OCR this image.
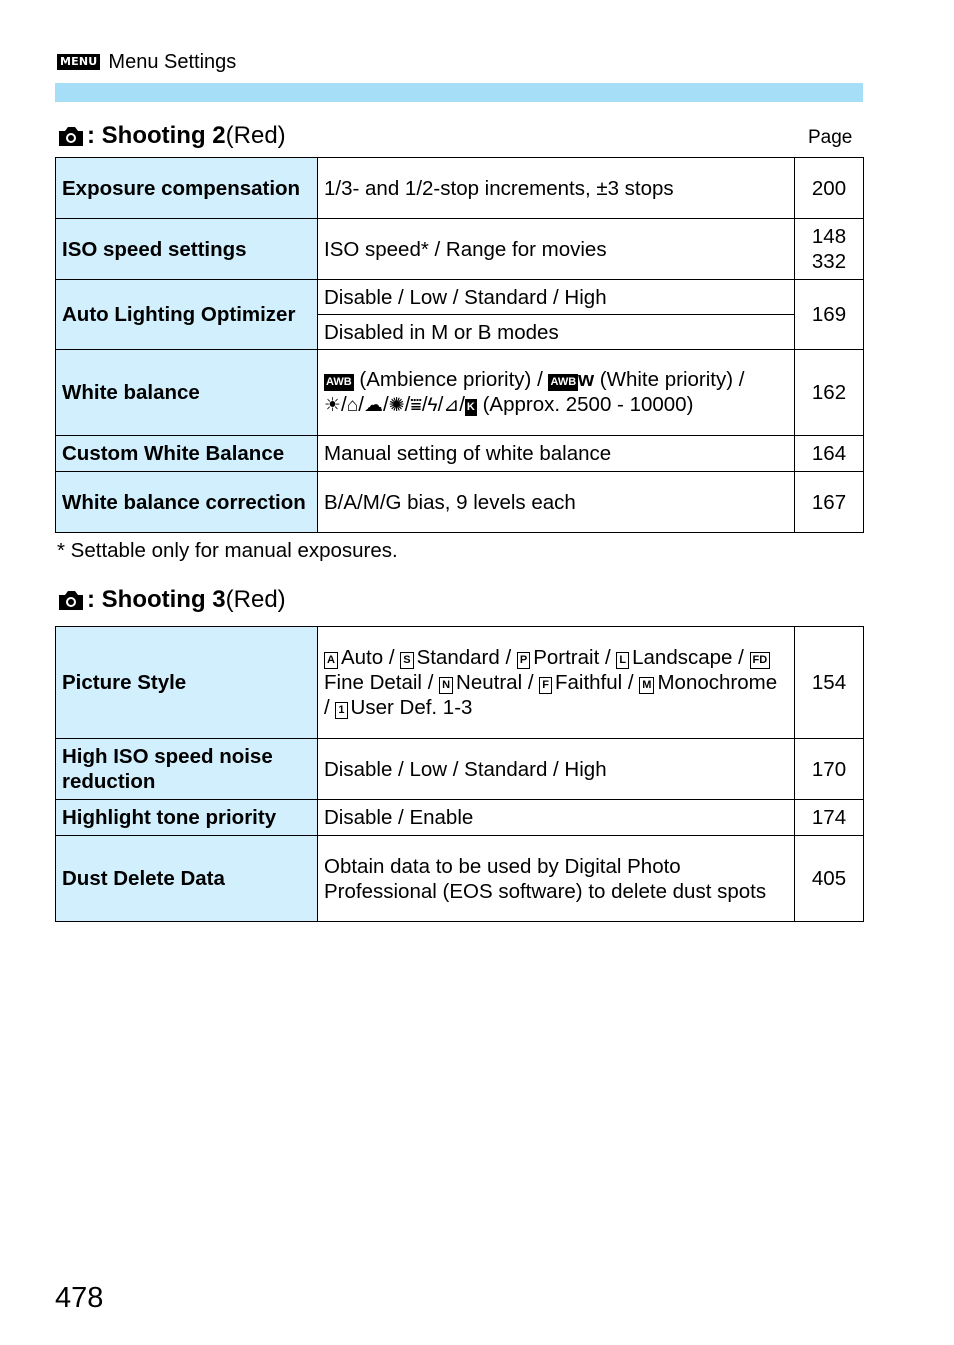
MENU Menu Settings
: Shooting 2 (Red)	Page
Exposure compensation	1/3- and 1/2-stop increments, ±3 stops	200
ISO speed settings	ISO speed* / Range for movies	148
332

Auto Lighting Optimizer	Disable / Low / Standard / High	169
	Disabled in M or B modes	
White balance	AWB (Ambience priority) / AWBw (White priority) /
☀/⌂/☁/✺/⩸/ϟ/⊿/ K (Approx. 2500 - 10000)	162
Custom White Balance	Manual setting of white balance	164
White balance correction	B/A/M/G bias, 9 levels each	167
* Settable only for manual exposures.
: Shooting 3 (Red)
Picture Style	A Auto / S Standard / P Portrait / L Landscape / FDFine Detail / N Neutral / F Faithful / M Monochrome / 1 User Def. 1-3	154
High ISO speed noise reduction	Disable / Low / Standard / High	170
Highlight tone priority	Disable / Enable	174
Dust Delete Data	Obtain data to be used by Digital Photo Professional (EOS software) to delete dust spots	405
478
